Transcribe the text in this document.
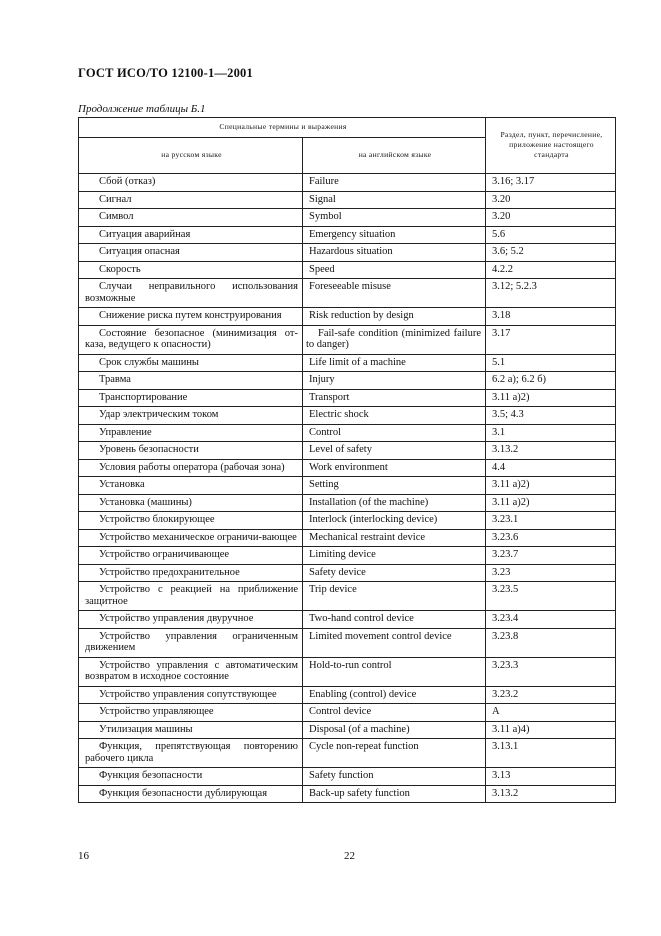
ГОСТ ИСО/ТО 12100-1—2001
Продолжение таблицы Б.1
Специальные термины и выражения		Раздел, пункт, перечисление, приложение настоящего стандарта
на русском языке	на английском языке	
Сбой (отказ)	Failure	3.16; 3.17
Сигнал	Signal	3.20
Символ	Symbol	3.20
Ситуация аварийная	Emergency situation	5.6
Ситуация опасная	Hazardous situation	3.6; 5.2
Скорость	Speed	4.2.2
Случаи неправильного использования возможные	Foreseeable misuse	3.12; 5.2.3
Снижение риска путем конструирования	Risk reduction by design	3.18
Состояние безопасное (минимизация от-каза, ведущего к опасности)	Fail-safe condition (minimized failure to danger)	3.17
Срок службы машины	Life limit of a machine	5.1
Травма	Injury	6.2 а); 6.2 б)
Транспортирование	Transport	3.11 а)2)
Удар электрическим током	Electric shock	3.5; 4.3
Управление	Control	3.1
Уровень безопасности	Level of safety	3.13.2
Условия работы оператора (рабочая зона)	Work environment	4.4
Установка	Setting	3.11 а)2)
Установка (машины)	Installation (of the machine)	3.11 а)2)
Устройство блокирующее	Interlock (interlocking device)	3.23.1
Устройство механическое ограничи-вающее	Mechanical restraint device	3.23.6
Устройство ограничивающее	Limiting device	3.23.7
Устройство предохранительное	Safety device	3.23
Устройство с реакцией на приближение защитное	Trip device	3.23.5
Устройство управления двуручное	Two-hand control device	3.23.4
Устройство управления ограниченным движением	Limited movement control device	3.23.8
Устройство управления с автоматическим возвратом в исходное состояние	Hold-to-run control	3.23.3
Устройство управления сопутствующее	Enabling (control) device	3.23.2
Устройство управляющее	Control device	А
Утилизация машины	Disposal (of a machine)	3.11 а)4)
Функция, препятствующая повторению рабочего цикла	Cycle non-repeat function	3.13.1
Функция безопасности	Safety function	3.13
Функция безопасности дублирующая	Back-up safety function	3.13.2
16	22
